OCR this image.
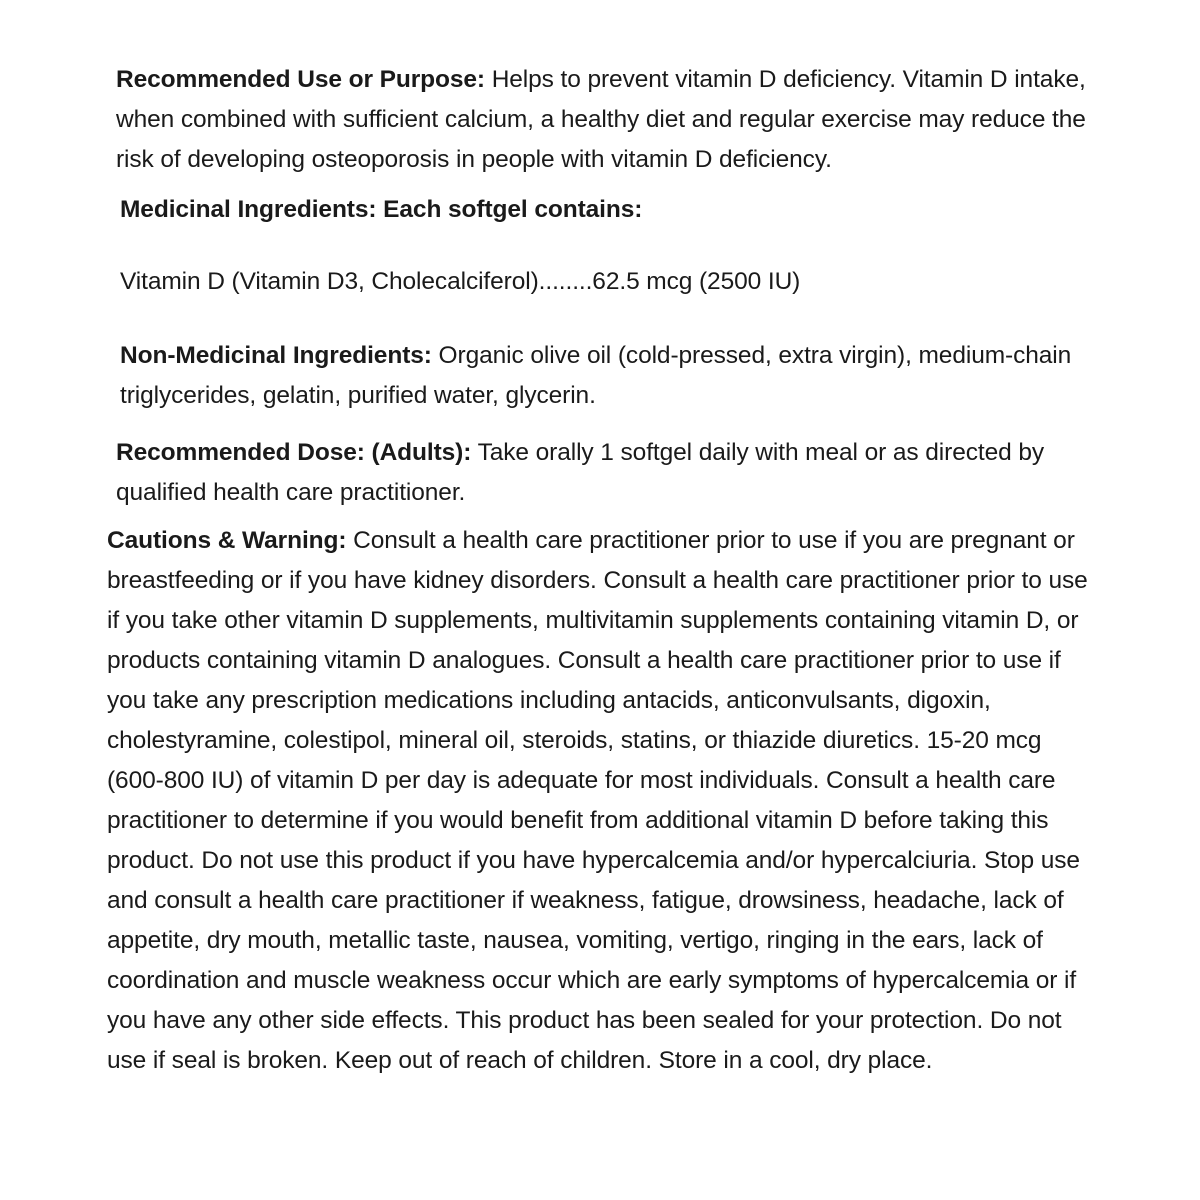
Recommended Use or Purpose: Helps to prevent vitamin D deficiency. Vitamin D intake, when combined with sufficient calcium, a healthy diet and regular exercise may reduce the risk of developing osteoporosis in people with vitamin D deficiency.

Medicinal Ingredients: Each softgel contains:

Vitamin D (Vitamin D3, Cholecalciferol)........62.5 mcg (2500 IU)

Non-Medicinal Ingredients: Organic olive oil (cold-pressed, extra virgin), medium-chain triglycerides, gelatin, purified water, glycerin.

Recommended Dose: (Adults): Take orally 1 softgel daily with meal or as directed by qualified health care practitioner.

Cautions & Warning: Consult a health care practitioner prior to use if you are pregnant or breastfeeding or if you have kidney disorders. Consult a health care practitioner prior to use if you take other vitamin D supplements, multivitamin supplements containing vitamin D, or products containing vitamin D analogues. Consult a health care practitioner prior to use if you take any prescription medications including antacids, anticonvulsants, digoxin, cholestyramine, colestipol, mineral oil, steroids, statins, or thiazide diuretics. 15-20 mcg (600-800 IU) of vitamin D per day is adequate for most individuals. Consult a health care practitioner to determine if you would benefit from additional vitamin D before taking this product. Do not use this product if you have hypercalcemia and/or hypercalciuria. Stop use and consult a health care practitioner if weakness, fatigue, drowsiness, headache, lack of appetite, dry mouth, metallic taste, nausea, vomiting, vertigo, ringing in the ears, lack of coordination and muscle weakness occur which are early symptoms of hypercalcemia or if you have any other side effects. This product has been sealed for your protection. Do not use if seal is broken. Keep out of reach of children. Store in a cool, dry place.
